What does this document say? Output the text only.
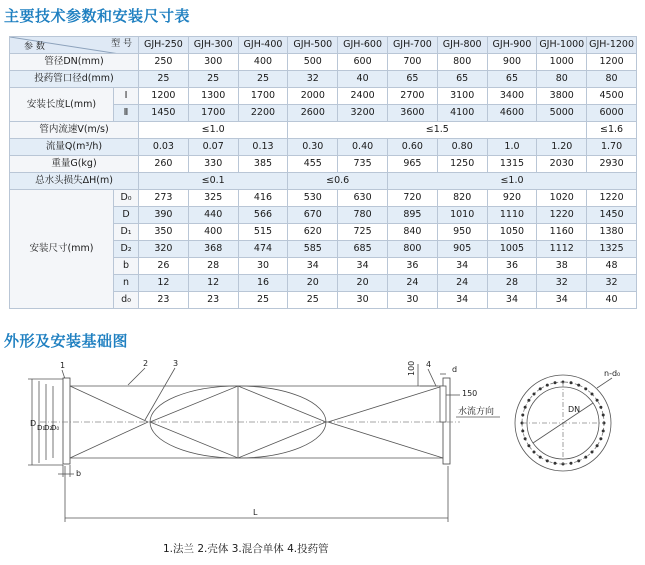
主要技术参数和安装尺寸表
型 号
参 数		GJH-250	GJH-300	GJH-400	GJH-500	GJH-600	GJH-700	GJH-800	GJH-900	GJH-1000	GJH-1200
管径DN(mm)		250	300	400	500	600	700	800	900	1000	1200
投药管口径d(mm)		25	25	25	32	40	65	65	65	80	80
安装长度L(mm)	Ⅰ	1200	1300	1700	2000	2400	2700	3100	3400	3800	4500
	Ⅱ	1450	1700	2200	2600	3200	3600	4100	4600	5000	6000
管内流速V(m/s)		≤1.0			≤1.5						≤1.6
流量Q(m³/h)		0.03	0.07	0.13	0.30	0.40	0.60	0.80	1.0	1.20	1.70
重量G(kg)		260	330	385	455	735	965	1250	1315	2030	2930
总水头损失ΔH(m)		≤0.1			≤0.6		≤1.0				
安装尺寸(mm)	D₀	273	325	416	530	630	720	820	920	1020	1220
	D	390	440	566	670	780	895	1010	1110	1220	1450
	D₁	350	400	515	620	725	840	950	1050	1160	1380
	D₂	320	368	474	585	685	800	905	1005	1112	1325
	b	26	28	30	34	34	36	34	36	38	48
	n	12	12	16	20	20	24	24	28	32	32
	d₀	23	23	25	25	30	30	34	34	34	40
外形及安装基础图
1	2	3	4
100	d
150
水流方向
D D₁
D₂
D₀
b
L
DN
n-d₀
1.法兰 2.壳体 3.混合单体 4.投药管
